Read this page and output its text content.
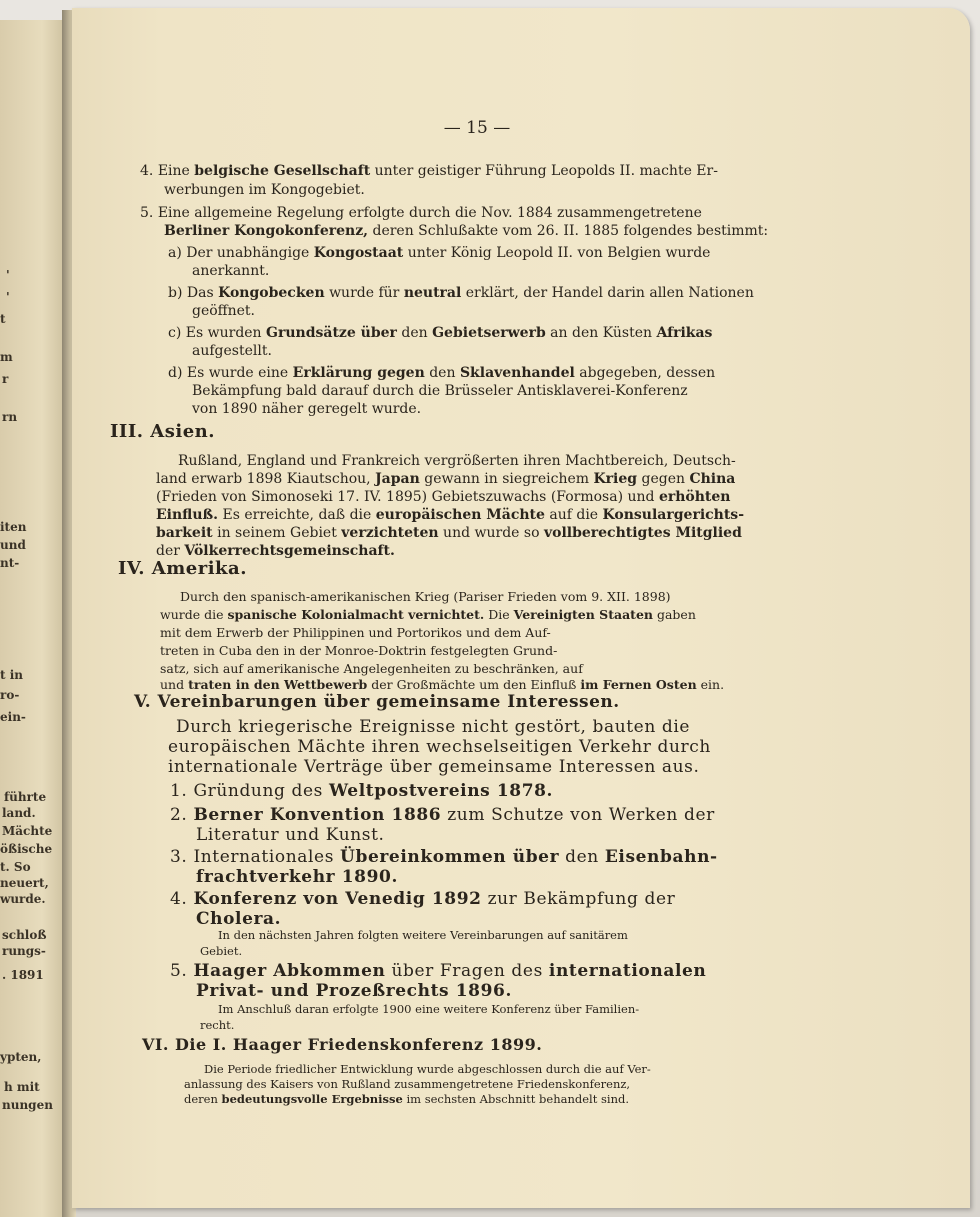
'
'
t
m
r
rn
iten
und
nt-
t in
ro-
ein-
führte
land.
Mächte
ößische
t. So
neuert,
wurde.
schloß
rungs-
. 1891
ypten,
h mit
nungen
— 15 —
4. Eine belgische Gesellschaft unter geistiger Führung Leopolds II. machte Er-
werbungen im Kongogebiet.
5. Eine allgemeine Regelung erfolgte durch die Nov. 1884 zusammengetretene
Berliner Kongokonferenz, deren Schlußakte vom 26. II. 1885 folgendes bestimmt:
a) Der unabhängige Kongostaat unter König Leopold II. von Belgien wurde
anerkannt.
b) Das Kongobecken wurde für neutral erklärt, der Handel darin allen Nationen
geöffnet.
c) Es wurden Grundsätze über den Gebietserwerb an den Küsten Afrikas
aufgestellt.
d) Es wurde eine Erklärung gegen den Sklavenhandel abgegeben, dessen
Bekämpfung bald darauf durch die Brüsseler Antisklaverei-Konferenz
von 1890 näher geregelt wurde.
III. Asien.
Rußland, England und Frankreich vergrößerten ihren Machtbereich, Deutsch-
land erwarb 1898 Kiautschou, Japan gewann in siegreichem Krieg gegen China
(Frieden von Simonoseki 17. IV. 1895) Gebietszuwachs (Formosa) und erhöhten
Einfluß. Es erreichte, daß die europäischen Mächte auf die Konsulargerichts-
barkeit in seinem Gebiet verzichteten und wurde so vollberechtigtes Mitglied
der Völkerrechtsgemeinschaft.
IV. Amerika.
Durch den spanisch-amerikanischen Krieg (Pariser Frieden vom 9. XII. 1898)
wurde die spanische Kolonialmacht vernichtet. Die Vereinigten Staaten gaben
mit dem Erwerb der Philippinen und Portorikos und dem Auf-
treten in Cuba den in der Monroe-Doktrin festgelegten Grund-
satz, sich auf amerikanische Angelegenheiten zu beschränken, auf
und traten in den Wettbewerb der Großmächte um den Einfluß im Fernen Osten ein.
V. Vereinbarungen über gemeinsame Interessen.
Durch kriegerische Ereignisse nicht gestört, bauten die
europäischen Mächte ihren wechselseitigen Verkehr durch
internationale Verträge über gemeinsame Interessen aus.
1. Gründung des Weltpostvereins 1878.
2. Berner Konvention 1886 zum Schutze von Werken der
Literatur und Kunst.
3. Internationales Übereinkommen über den Eisenbahn-
frachtverkehr 1890.
4. Konferenz von Venedig 1892 zur Bekämpfung der
Cholera.
In den nächsten Jahren folgten weitere Vereinbarungen auf sanitärem
Gebiet.
5. Haager Abkommen über Fragen des internationalen
Privat- und Prozeßrechts 1896.
Im Anschluß daran erfolgte 1900 eine weitere Konferenz über Familien-
recht.
VI. Die I. Haager Friedenskonferenz 1899.
Die Periode friedlicher Entwicklung wurde abgeschlossen durch die auf Ver-
anlassung des Kaisers von Rußland zusammengetretene Friedenskonferenz,
deren bedeutungsvolle Ergebnisse im sechsten Abschnitt behandelt sind.
